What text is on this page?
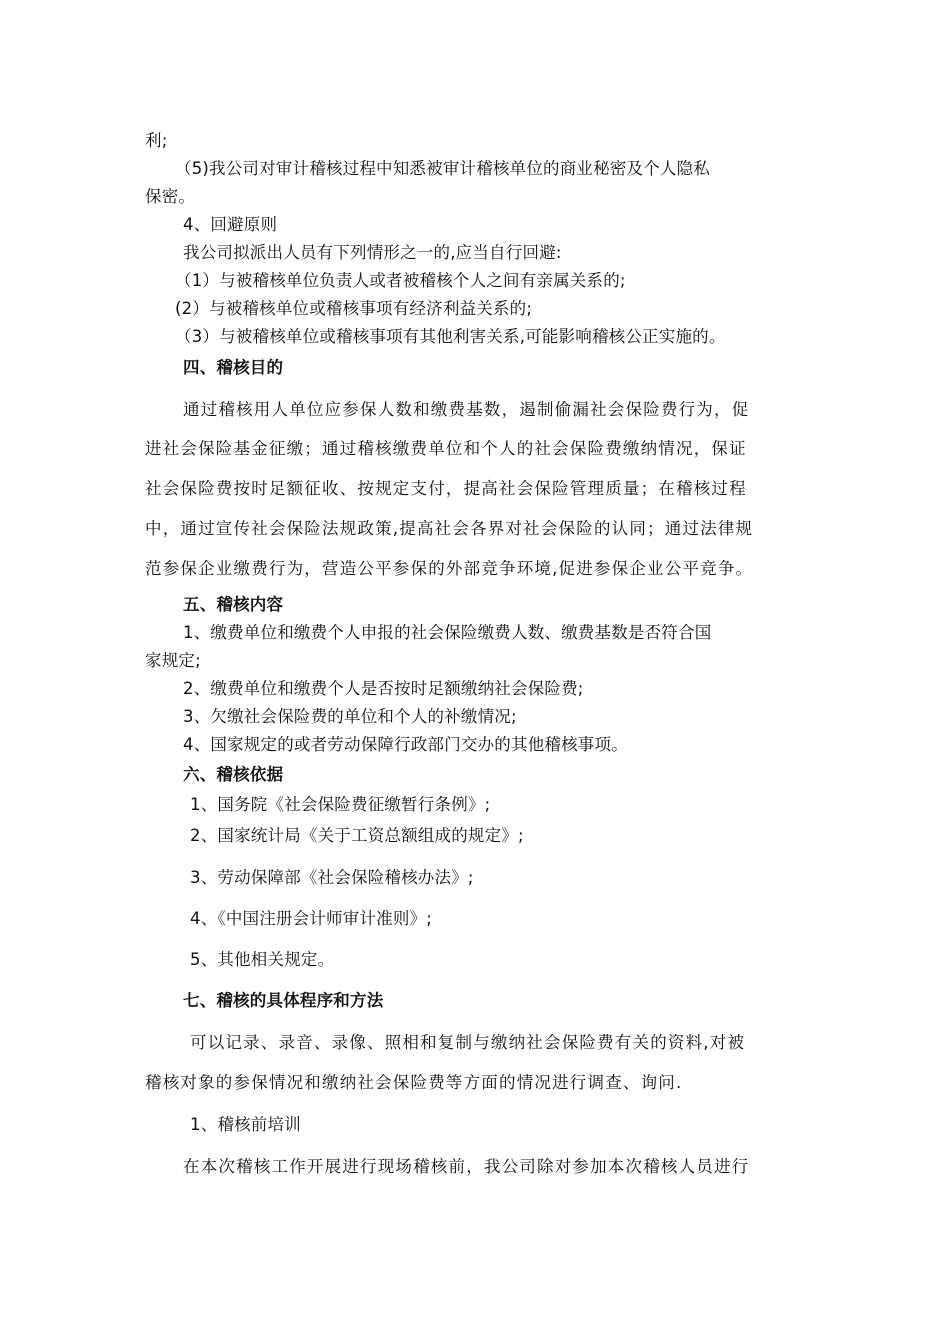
利;
（5)我公司对审计稽核过程中知悉被审计稽核单位的商业秘密及个人隐私
保密。
4、回避原则
我公司拟派出人员有下列情形之一的,应当自行回避:
（1）与被稽核单位负责人或者被稽核个人之间有亲属关系的;
(2）与被稽核单位或稽核事项有经济利益关系的;
（3）与被稽核单位或稽核事项有其他利害关系,可能影响稽核公正实施的。
四、稽核目的
通过稽核用人单位应参保人数和缴费基数，遏制偷漏社会保险费行为，促
进社会保险基金征缴；通过稽核缴费单位和个人的社会保险费缴纳情况，保证
社会保险费按时足额征收、按规定支付，提高社会保险管理质量；在稽核过程
中，通过宣传社会保险法规政策,提高社会各界对社会保险的认同；通过法律规
范参保企业缴费行为，营造公平参保的外部竞争环境,促进参保企业公平竞争。
五、稽核内容
1、缴费单位和缴费个人申报的社会保险缴费人数、缴费基数是否符合国
家规定;
2、缴费单位和缴费个人是否按时足额缴纳社会保险费;
3、欠缴社会保险费的单位和个人的补缴情况;
4、国家规定的或者劳动保障行政部门交办的其他稽核事项。
六、稽核依据
1、国务院《社会保险费征缴暂行条例》;
2、国家统计局《关于工资总额组成的规定》;
3、劳动保障部《社会保险稽核办法》;
4、《中国注册会计师审计准则》;
5、其他相关规定。
七、稽核的具体程序和方法
可以记录、录音、录像、照相和复制与缴纳社会保险费有关的资料,对被
稽核对象的参保情况和缴纳社会保险费等方面的情况进行调查、询问.
1、稽核前培训
在本次稽核工作开展进行现场稽核前，我公司除对参加本次稽核人员进行
